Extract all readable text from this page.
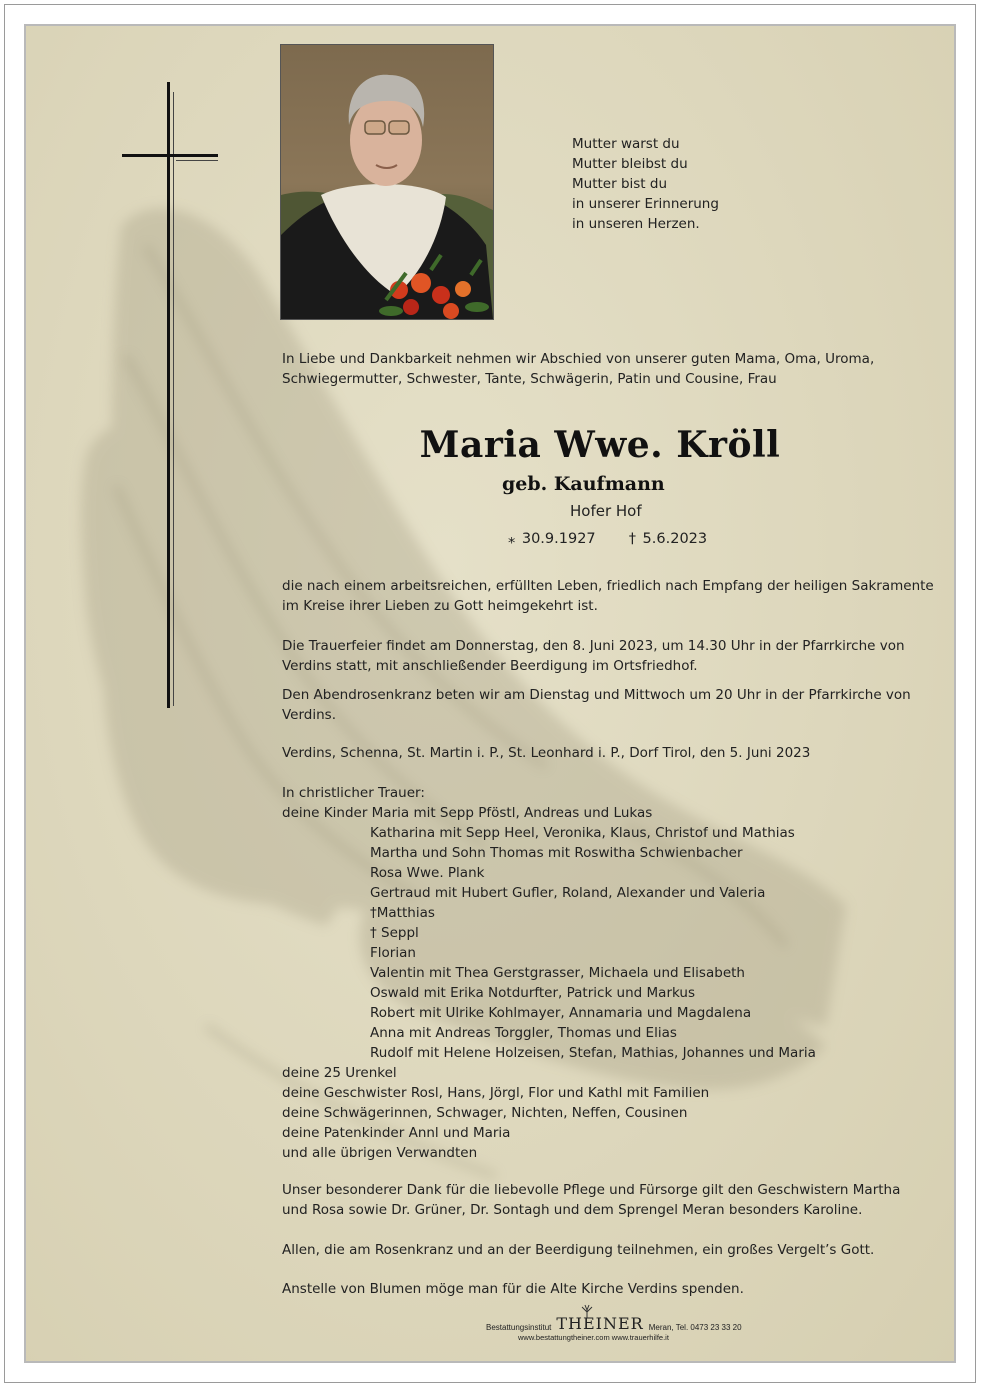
Mutter warst du
Mutter bleibst du
Mutter bist du
in unserer Erinnerung
in unseren Herzen.
In Liebe und Dankbarkeit nehmen wir Abschied von unserer guten Mama, Oma, Uroma,
Schwiegermutter, Schwester, Tante, Schwägerin, Patin und Cousine, Frau
Maria Wwe. Kröll
geb. Kaufmann
Hofer Hof
⁎ 30.9.1927     † 5.6.2023
die nach einem arbeitsreichen, erfüllten Leben, friedlich nach Empfang der heiligen Sakramente
im Kreise ihrer Lieben zu Gott heimgekehrt ist.
Die Trauerfeier findet am Donnerstag, den 8. Juni 2023, um 14.30 Uhr in der Pfarrkirche von
Verdins statt, mit anschließender Beerdigung im Ortsfriedhof.
Den Abendrosenkranz beten wir am Dienstag und Mittwoch um 20 Uhr in der Pfarrkirche von
Verdins.
Verdins, Schenna, St. Martin i. P., St. Leonhard i. P., Dorf Tirol, den 5. Juni 2023
In christlicher Trauer:
deine Kinder Maria mit Sepp Pföstl, Andreas und Lukas
Katharina mit Sepp Heel, Veronika, Klaus, Christof und Mathias
Martha und Sohn Thomas mit Roswitha Schwienbacher
Rosa Wwe. Plank
Gertraud mit Hubert Gufler, Roland, Alexander und Valeria
†Matthias
† Seppl
Florian
Valentin mit Thea Gerstgrasser, Michaela und Elisabeth
Oswald mit Erika Notdurfter, Patrick und Markus
Robert mit Ulrike Kohlmayer, Annamaria und Magdalena
Anna mit Andreas Torggler, Thomas und Elias
Rudolf mit Helene Holzeisen, Stefan, Mathias, Johannes und Maria
deine 25 Urenkel
deine Geschwister Rosl, Hans, Jörgl, Flor und Kathl mit Familien
deine Schwägerinnen, Schwager, Nichten, Neffen, Cousinen
deine Patenkinder Annl und Maria
und alle übrigen Verwandten
Unser besonderer Dank für die liebevolle Pflege und Fürsorge gilt den Geschwistern Martha
und Rosa sowie Dr. Grüner, Dr. Sontagh und dem Sprengel Meran besonders Karoline.
Allen, die am Rosenkranz und an der Beerdigung teilnehmen, ein großes Vergelt’s Gott.
Anstelle von Blumen möge man für die Alte Kirche Verdins spenden.
Bestattungsinstitut THEINER Meran, Tel. 0473 23 33 20
www.bestattungtheiner.com www.trauerhilfe.it
